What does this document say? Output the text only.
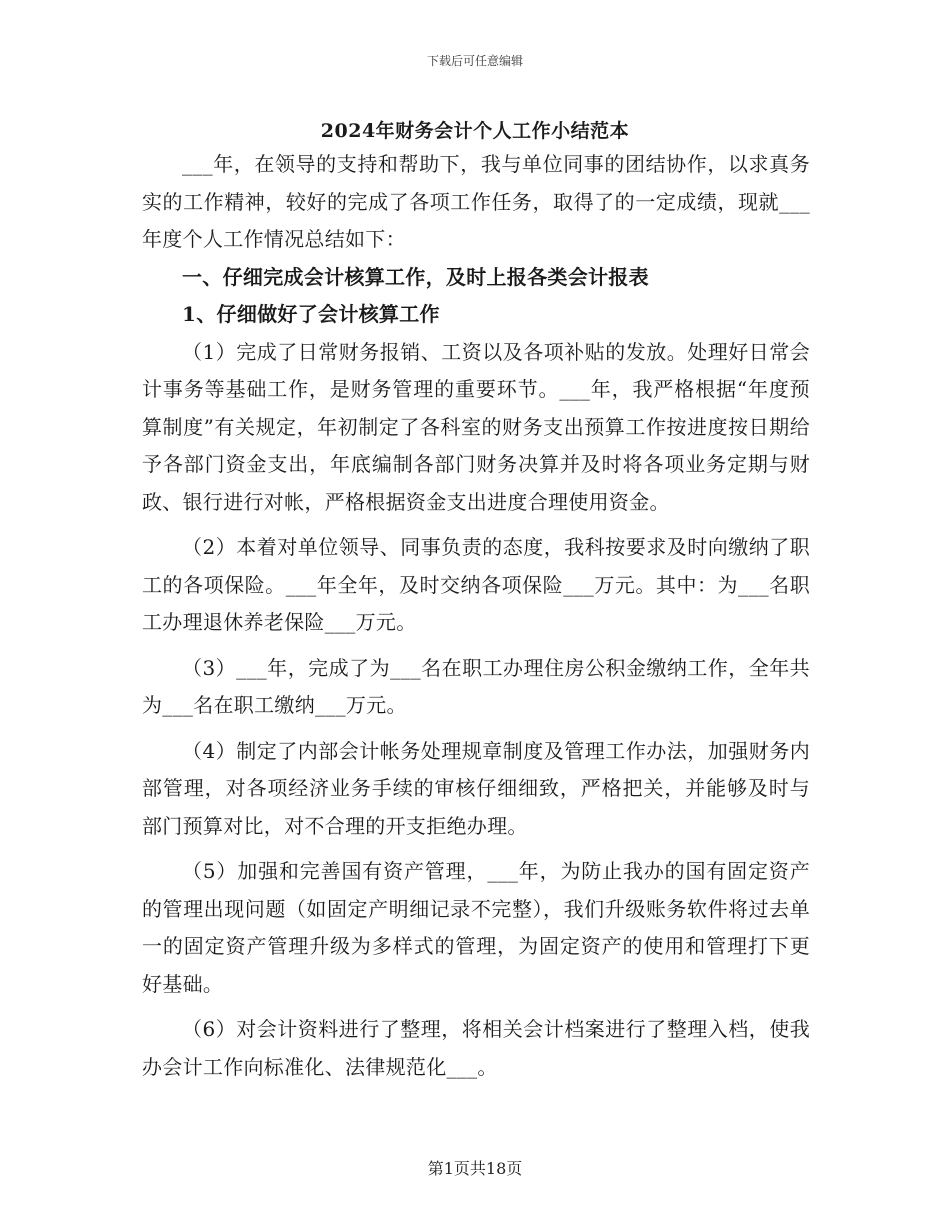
下载后可任意编辑
2024年财务会计个人工作小结范本

___年，在领导的支持和帮助下，我与单位同事的团结协作，以求真务实的工作精神，较好的完成了各项工作任务，取得了的一定成绩，现就___年度个人工作情况总结如下：

一、仔细完成会计核算工作，及时上报各类会计报表

1、仔细做好了会计核算工作

（1）完成了日常财务报销、工资以及各项补贴的发放。处理好日常会计事务等基础工作，是财务管理的重要环节。___年，我严格根据“年度预算制度”有关规定，年初制定了各科室的财务支出预算工作按进度按日期给予各部门资金支出，年底编制各部门财务决算并及时将各项业务定期与财政、银行进行对帐，严格根据资金支出进度合理使用资金。

（2）本着对单位领导、同事负责的态度，我科按要求及时向缴纳了职工的各项保险。___年全年，及时交纳各项保险___万元。其中：为___名职工办理退休养老保险___万元。

（3）___年，完成了为___名在职工办理住房公积金缴纳工作，全年共为___名在职工缴纳___万元。

（4）制定了内部会计帐务处理规章制度及管理工作办法，加强财务内部管理，对各项经济业务手续的审核仔细细致，严格把关，并能够及时与部门预算对比，对不合理的开支拒绝办理。

（5）加强和完善国有资产管理，___年，为防止我办的国有固定资产的管理出现问题（如固定产明细记录不完整），我们升级账务软件将过去单一的固定资产管理升级为多样式的管理，为固定资产的使用和管理打下更好基础。

（6）对会计资料进行了整理，将相关会计档案进行了整理入档，使我办会计工作向标准化、法律规范化___。

第1页共18页
